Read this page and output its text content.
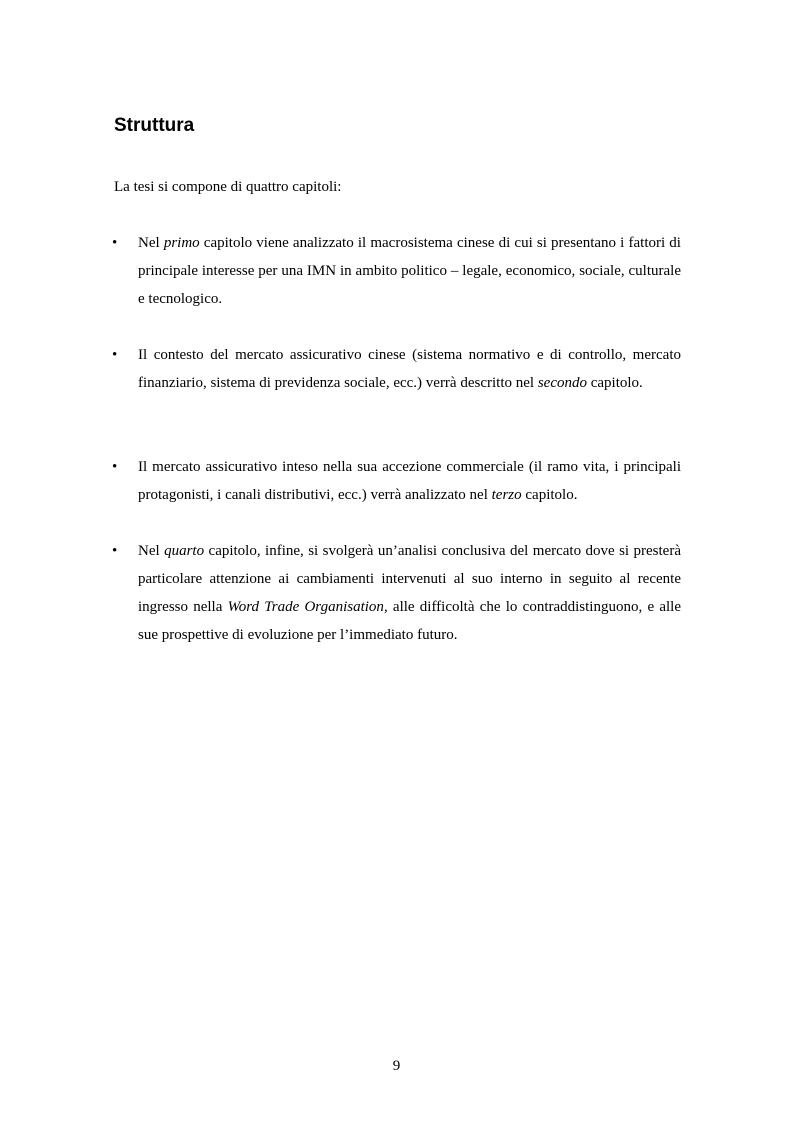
Struttura

La tesi si compone di quattro capitoli:

• Nel primo capitolo viene analizzato il macrosistema cinese di cui si presentano i fattori di principale interesse per una IMN in ambito politico – legale, economico, sociale, culturale e tecnologico.

• Il contesto del mercato assicurativo cinese (sistema normativo e di controllo, mercato finanziario, sistema di previdenza sociale, ecc.) verrà descritto nel secondo capitolo.

• Il mercato assicurativo inteso nella sua accezione commerciale (il ramo vita, i principali protagonisti, i canali distributivi, ecc.) verrà analizzato nel terzo capitolo.

• Nel quarto capitolo, infine, si svolgerà un’analisi conclusiva del mercato dove si presterà particolare attenzione ai cambiamenti intervenuti al suo interno in seguito al recente ingresso nella Word Trade Organisation, alle difficoltà che lo contraddistinguono, e alle sue prospettive di evoluzione per l’immediato futuro.

9
